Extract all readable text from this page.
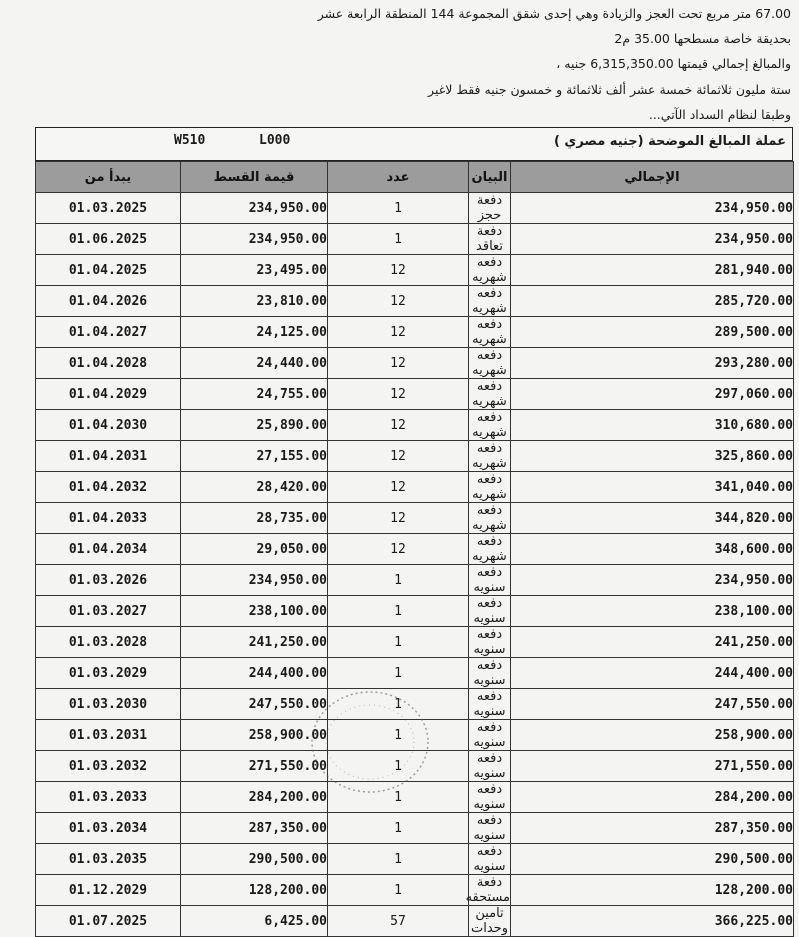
67.00 متر مربع تحت العجز والزيادة وهي إحدى شقق المجموعة 144 المنطقة الرابعة عشر
بحديقة خاصة مسطحها 35.00 م2
والمبالغ إجمالي قيمتها 6,315,350.00 جنيه ،
ستة مليون ثلاثمائة خمسة عشر ألف ثلاثمائة و خمسون جنيه فقط لاغير
وطبقا لنظام السداد الآتي...
W510	L000	عملة المبالغ الموضحة (جنيه مصري )
يبدأ من	قيمة القسط	عدد	البيان	الإجمالي
01.03.2025	234,950.00	1	دفعة حجز	234,950.00
01.06.2025	234,950.00	1	دفعة تعاقد	234,950.00
01.04.2025	23,495.00	12	دفعه شهريه	281,940.00
01.04.2026	23,810.00	12	دفعه شهريه	285,720.00
01.04.2027	24,125.00	12	دفعه شهريه	289,500.00
01.04.2028	24,440.00	12	دفعه شهريه	293,280.00
01.04.2029	24,755.00	12	دفعه شهريه	297,060.00
01.04.2030	25,890.00	12	دفعه شهريه	310,680.00
01.04.2031	27,155.00	12	دفعه شهريه	325,860.00
01.04.2032	28,420.00	12	دفعه شهريه	341,040.00
01.04.2033	28,735.00	12	دفعه شهريه	344,820.00
01.04.2034	29,050.00	12	دفعه شهريه	348,600.00
01.03.2026	234,950.00	1	دفعه سنويه	234,950.00
01.03.2027	238,100.00	1	دفعه سنويه	238,100.00
01.03.2028	241,250.00	1	دفعه سنويه	241,250.00
01.03.2029	244,400.00	1	دفعه سنويه	244,400.00
01.03.2030	247,550.00	1	دفعه سنويه	247,550.00
01.03.2031	258,900.00	1	دفعه سنويه	258,900.00
01.03.2032	271,550.00	1	دفعه سنويه	271,550.00
01.03.2033	284,200.00	1	دفعه سنويه	284,200.00
01.03.2034	287,350.00	1	دفعه سنويه	287,350.00
01.03.2035	290,500.00	1	دفعه سنويه	290,500.00
01.12.2029	128,200.00	1	دفعة مستحقه	128,200.00
01.07.2025	6,425.00	57	تامين وحدات	366,225.00
